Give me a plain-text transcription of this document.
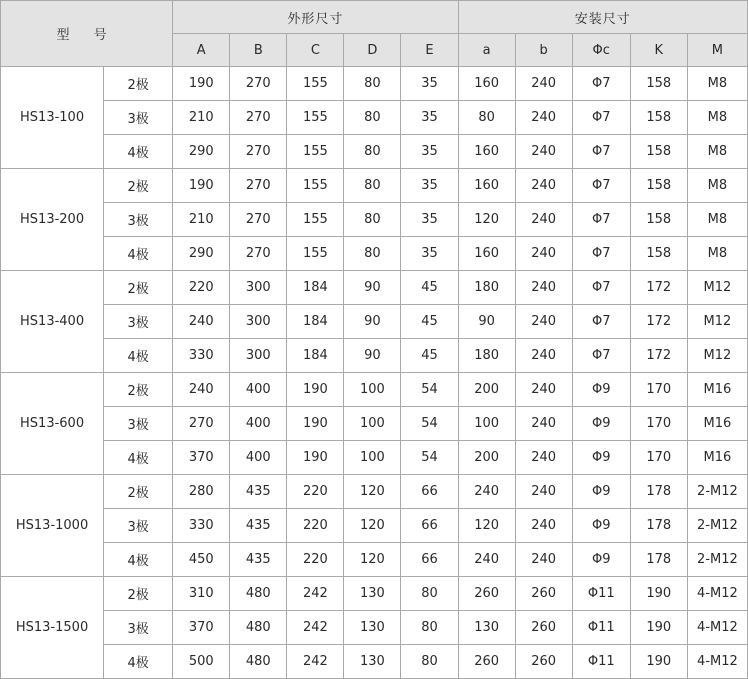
型 号		外形尺寸					安装尺寸				
		A	B	C	D	E	a	b	Φc	K	M
HS13-100	2极	190	270	155	80	35	160	240	Φ7	158	M8
	3极	210	270	155	80	35	80	240	Φ7	158	M8
	4极	290	270	155	80	35	160	240	Φ7	158	M8
HS13-200	2极	190	270	155	80	35	160	240	Φ7	158	M8
	3极	210	270	155	80	35	120	240	Φ7	158	M8
	4极	290	270	155	80	35	160	240	Φ7	158	M8
HS13-400	2极	220	300	184	90	45	180	240	Φ7	172	M12
	3极	240	300	184	90	45	90	240	Φ7	172	M12
	4极	330	300	184	90	45	180	240	Φ7	172	M12
HS13-600	2极	240	400	190	100	54	200	240	Φ9	170	M16
	3极	270	400	190	100	54	100	240	Φ9	170	M16
	4极	370	400	190	100	54	200	240	Φ9	170	M16
HS13-1000	2极	280	435	220	120	66	240	240	Φ9	178	2-M12
	3极	330	435	220	120	66	120	240	Φ9	178	2-M12
	4极	450	435	220	120	66	240	240	Φ9	178	2-M12
HS13-1500	2极	310	480	242	130	80	260	260	Φ11	190	4-M12
	3极	370	480	242	130	80	130	260	Φ11	190	4-M12
	4极	500	480	242	130	80	260	260	Φ11	190	4-M12
